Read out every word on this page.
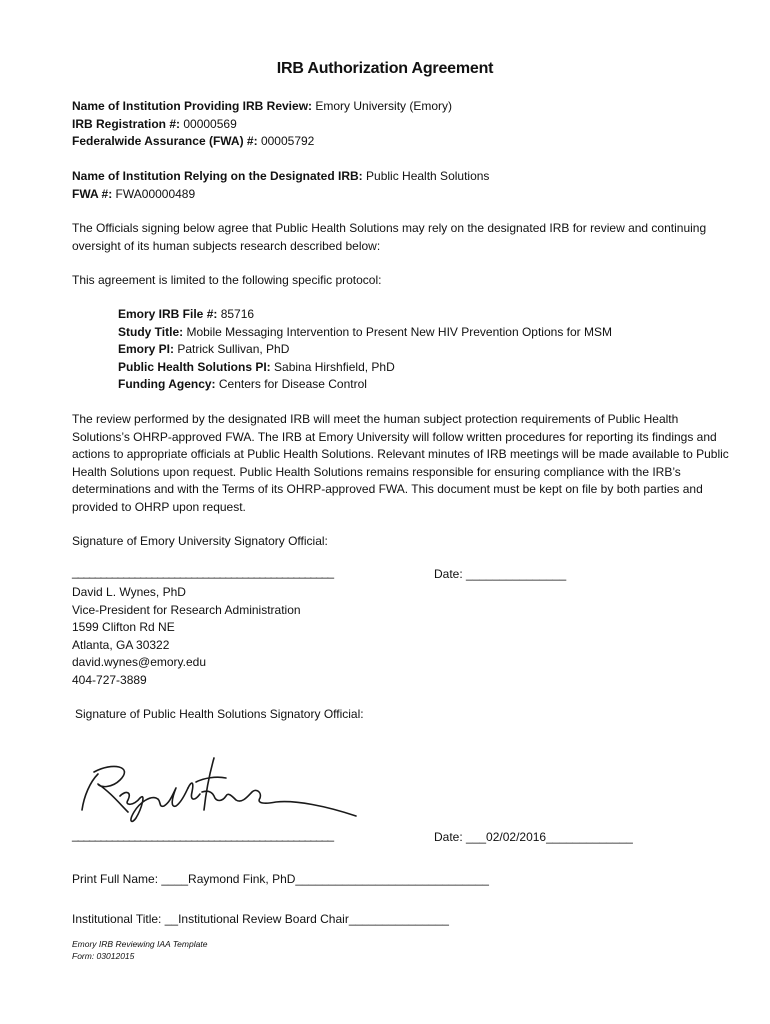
IRB Authorization Agreement
Name of Institution Providing IRB Review: Emory University (Emory)
IRB Registration #: 00000569
Federalwide Assurance (FWA) #: 00005792
Name of Institution Relying on the Designated IRB: Public Health Solutions
FWA #: FWA00000489
The Officials signing below agree that Public Health Solutions may rely on the designated IRB for review and continuing oversight of its human subjects research described below:
This agreement is limited to the following specific protocol:
Emory IRB File #: 85716
Study Title: Mobile Messaging Intervention to Present New HIV Prevention Options for MSM
Emory PI: Patrick Sullivan, PhD
Public Health Solutions PI: Sabina Hirshfield, PhD
Funding Agency: Centers for Disease Control
The review performed by the designated IRB will meet the human subject protection requirements of Public Health Solutions’s OHRP-approved FWA. The IRB at Emory University will follow written procedures for reporting its findings and actions to appropriate officials at Public Health Solutions. Relevant minutes of IRB meetings will be made available to Public Health Solutions upon request. Public Health Solutions remains responsible for ensuring compliance with the IRB’s determinations and with the Terms of its OHRP-approved FWA. This document must be kept on file by both parties and provided to OHRP upon request.
Signature of Emory University Signatory Official:
______________________________________________	Date: _______________
David L. Wynes, PhD
Vice-President for Research Administration
1599 Clifton Rd NE
Atlanta, GA 30322
david.wynes@emory.edu
404-727-3889
Signature of Public Health Solutions Signatory Official:
______________________________________________	Date: ___02/02/2016_____________
Print Full Name: ____Raymond Fink, PhD_____________________________
Institutional Title: __Institutional Review Board Chair_______________
Emory IRB Reviewing IAA Template
Form: 03012015
